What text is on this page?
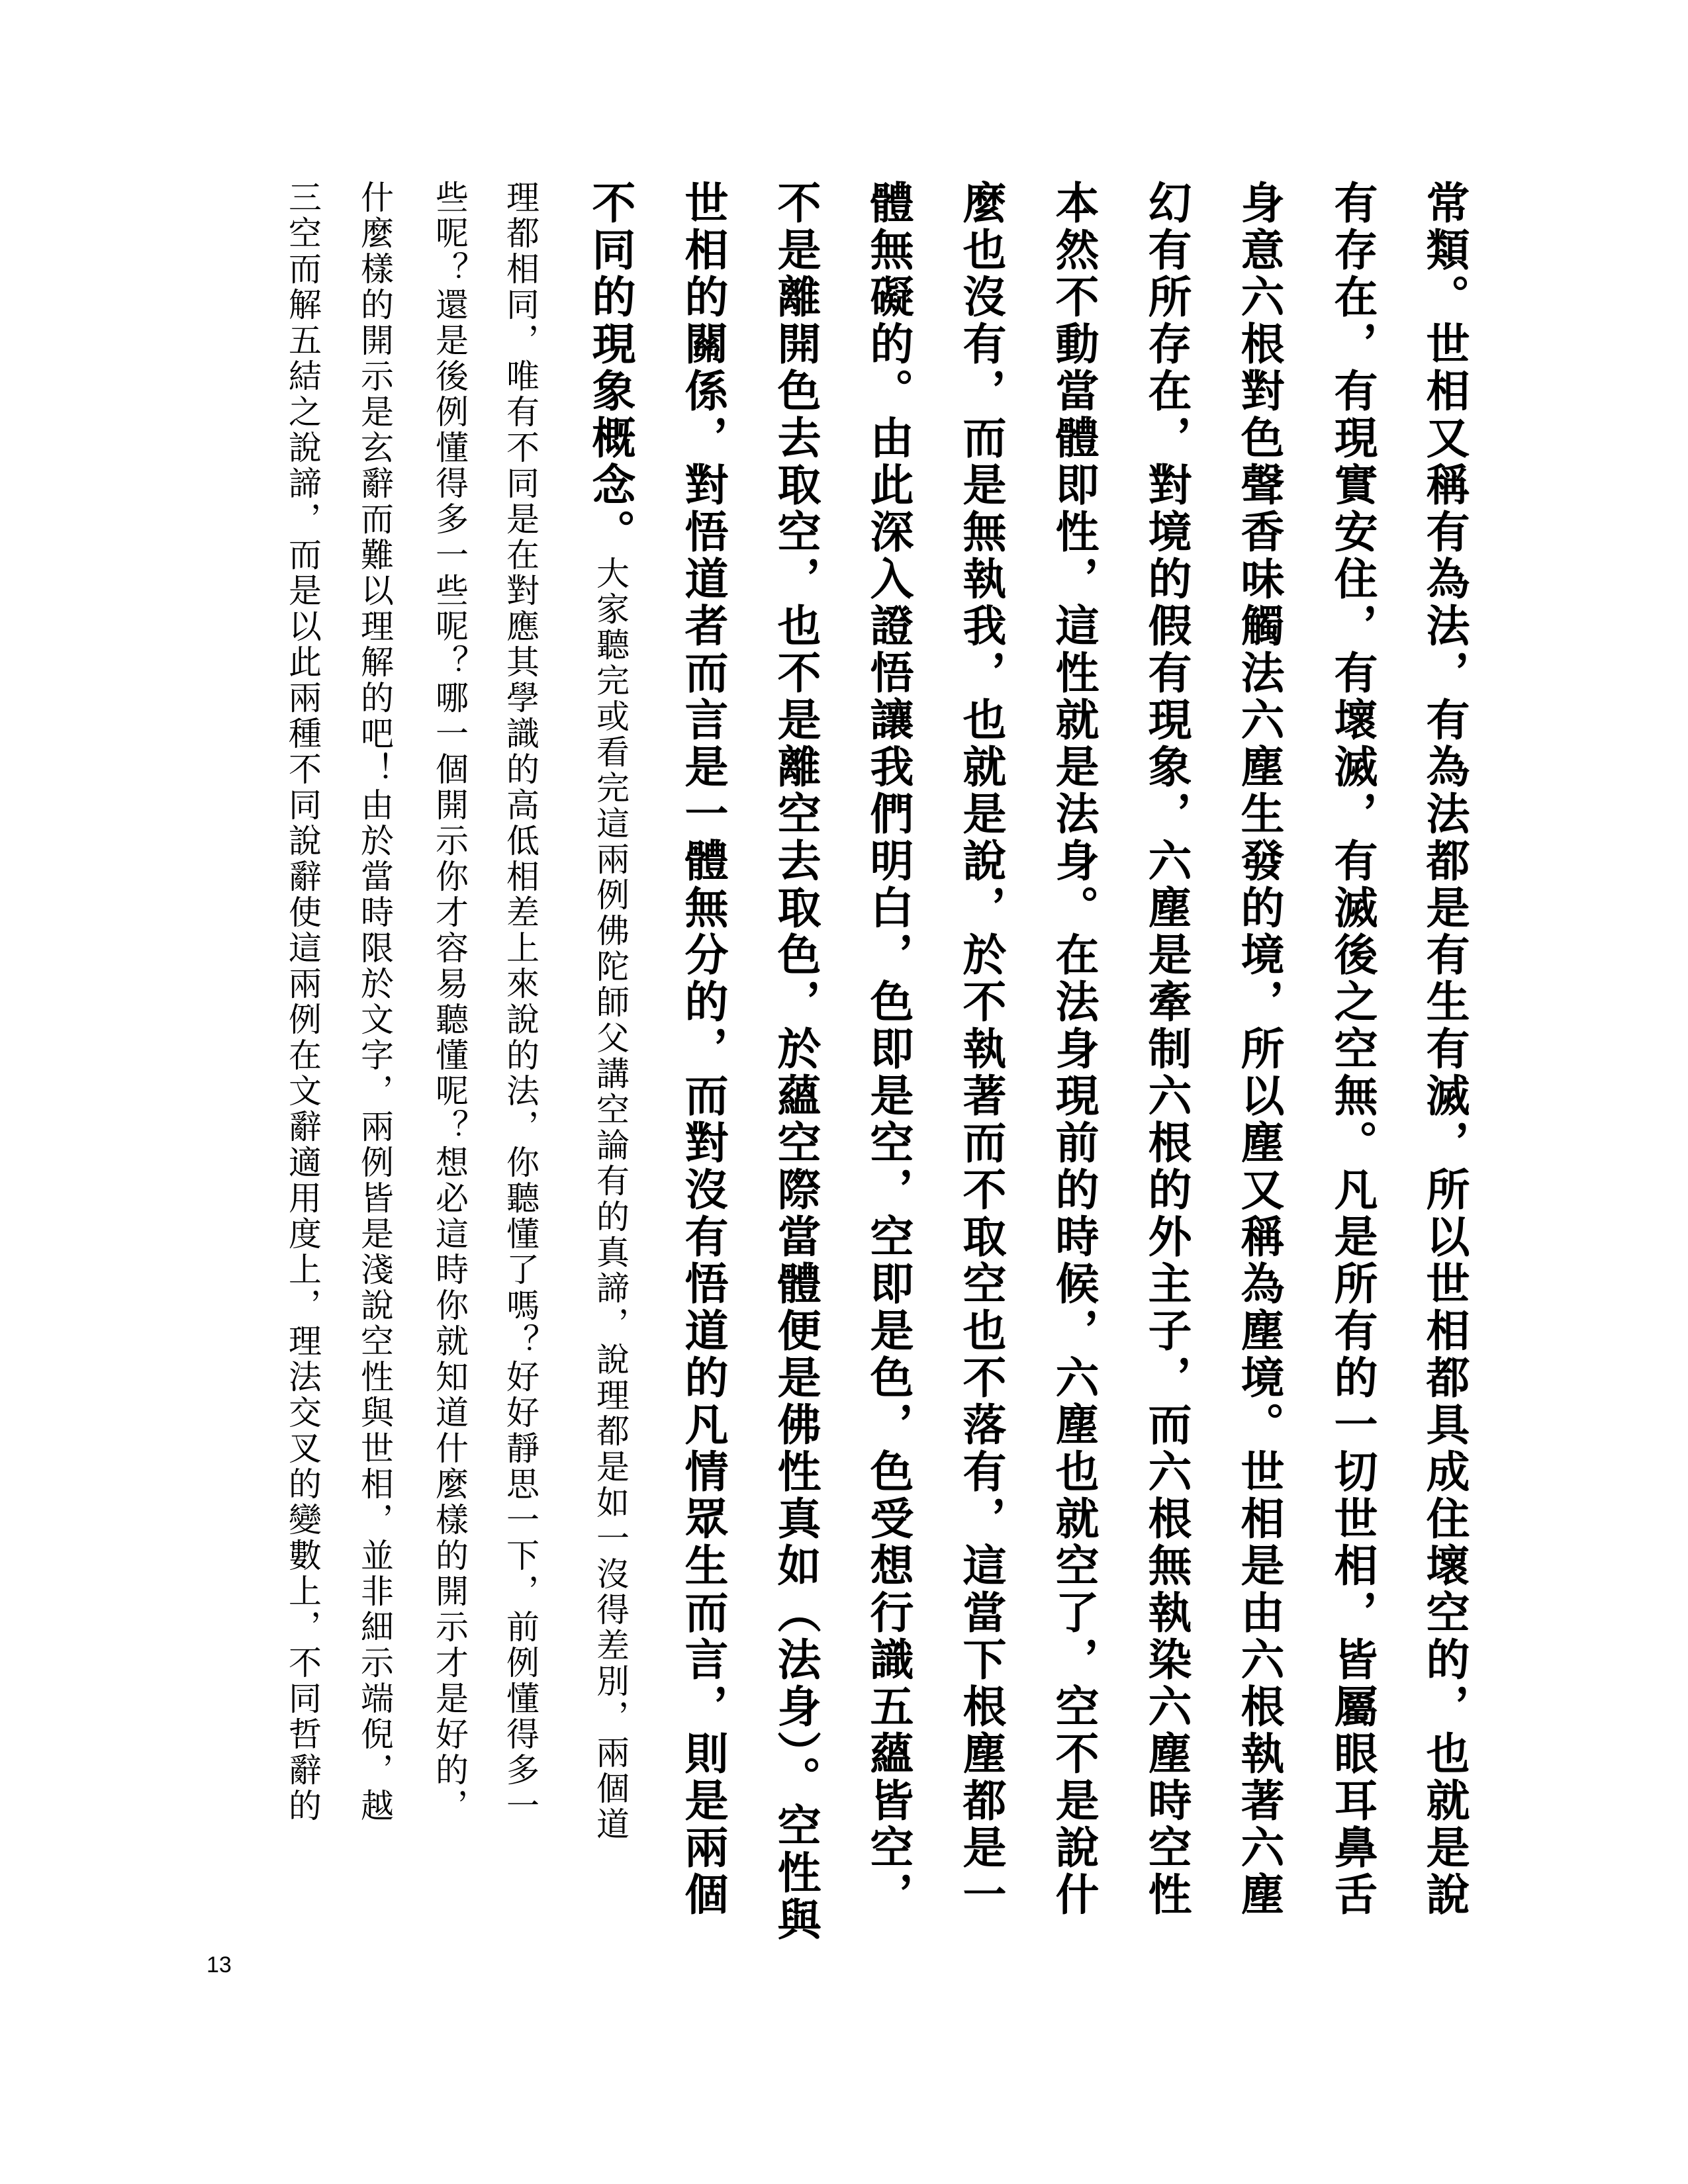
常類。世相又稱有為法，有為法都是有生有滅，所以世相都具成住壞空的，也就是說
有存在，有現實安住，有壞滅，有滅後之空無。凡是所有的一切世相，皆屬眼耳鼻舌
身意六根對色聲香味觸法六塵生發的境，所以塵又稱為塵境。世相是由六根執著六塵
幻有所存在，對境的假有現象，六塵是牽制六根的外主子，而六根無執染六塵時空性
本然不動當體即性，這性就是法身。在法身現前的時候，六塵也就空了，空不是說什
麼也沒有，而是無執我，也就是說，於不執著而不取空也不落有，這當下根塵都是一
體無礙的。由此深入證悟讓我們明白，色即是空，空即是色，色受想行識五蘊皆空，
不是離開色去取空，也不是離空去取色，於蘊空際當體便是佛性真如（法身）。空性與
世相的關係，對悟道者而言是一體無分的，而對沒有悟道的凡情眾生而言，則是兩個
不同的現象概念。大家聽完或看完這兩例佛陀師父講空論有的真諦，說理都是如一沒得差別，兩個道
理都相同，唯有不同是在對應其學識的高低相差上來說的法，你聽懂了嗎？好好靜思一下，前例懂得多一
些呢？還是後例懂得多一些呢？哪一個開示你才容易聽懂呢？想必這時你就知道什麼樣的開示才是好的，
什麼樣的開示是玄辭而難以理解的吧！由於當時限於文字，兩例皆是淺說空性與世相，並非細示端倪，越
三空而解五結之說諦，而是以此兩種不同說辭使這兩例在文辭適用度上，理法交叉的變數上，不同哲辭的
13
